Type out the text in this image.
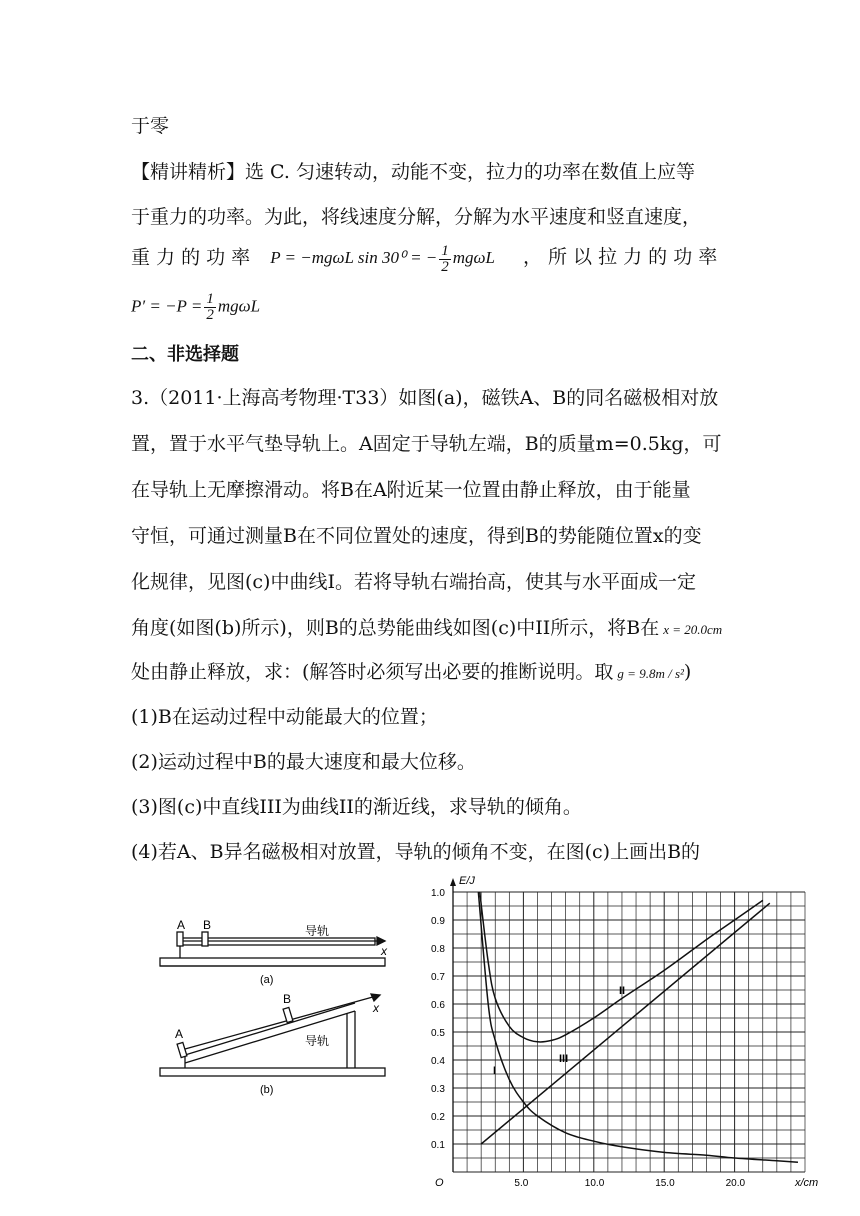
于零
【精讲精析】选 C. 匀速转动，动能不变，拉力的功率在数值上应等
于重力的功率。为此，将线速度分解，分解为水平速度和竖直速度，
重 力 的 功 率 P = −mgωL sin 30⁰ = − $\frac{1}{2}$ mgωL ， 所 以 拉 力 的 功 率
$P' = -P = \frac{1}{2}$ mgωL
二、非选择题
3.（2011·上海高考物理·T33）如图(a)，磁铁A、B的同名磁极相对放
置，置于水平气垫导轨上。A固定于导轨左端，B的质量m=0.5kg，可
在导轨上无摩擦滑动。将B在A附近某一位置由静止释放，由于能量
守恒，可通过测量B在不同位置处的速度，得到B的势能随位置x的变
化规律，见图(c)中曲线I。若将导轨右端抬高，使其与水平面成一定
角度(如图(b)所示)，则B的总势能曲线如图(c)中II所示，将B在 x = 20.0cm
处由静止释放，求：(解答时必须写出必要的推断说明。取 g = 9.8m / s²)
(1)B在运动过程中动能最大的位置；
(2)运动过程中B的最大速度和最大位移。
(3)图(c)中直线III为曲线II的渐近线，求导轨的倾角。
(4)若A、B异名磁极相对放置，导轨的倾角不变，在图(c)上画出B的
A B	导轨
x
(a)
A
B
导轨
x
(b)
5.0	10.0	15.0	20.0
0.1
0.2
0.3
0.4
0.5
0.6
0.7
0.8
0.9
1.0
E/J
x/cm
O
I
II
III
